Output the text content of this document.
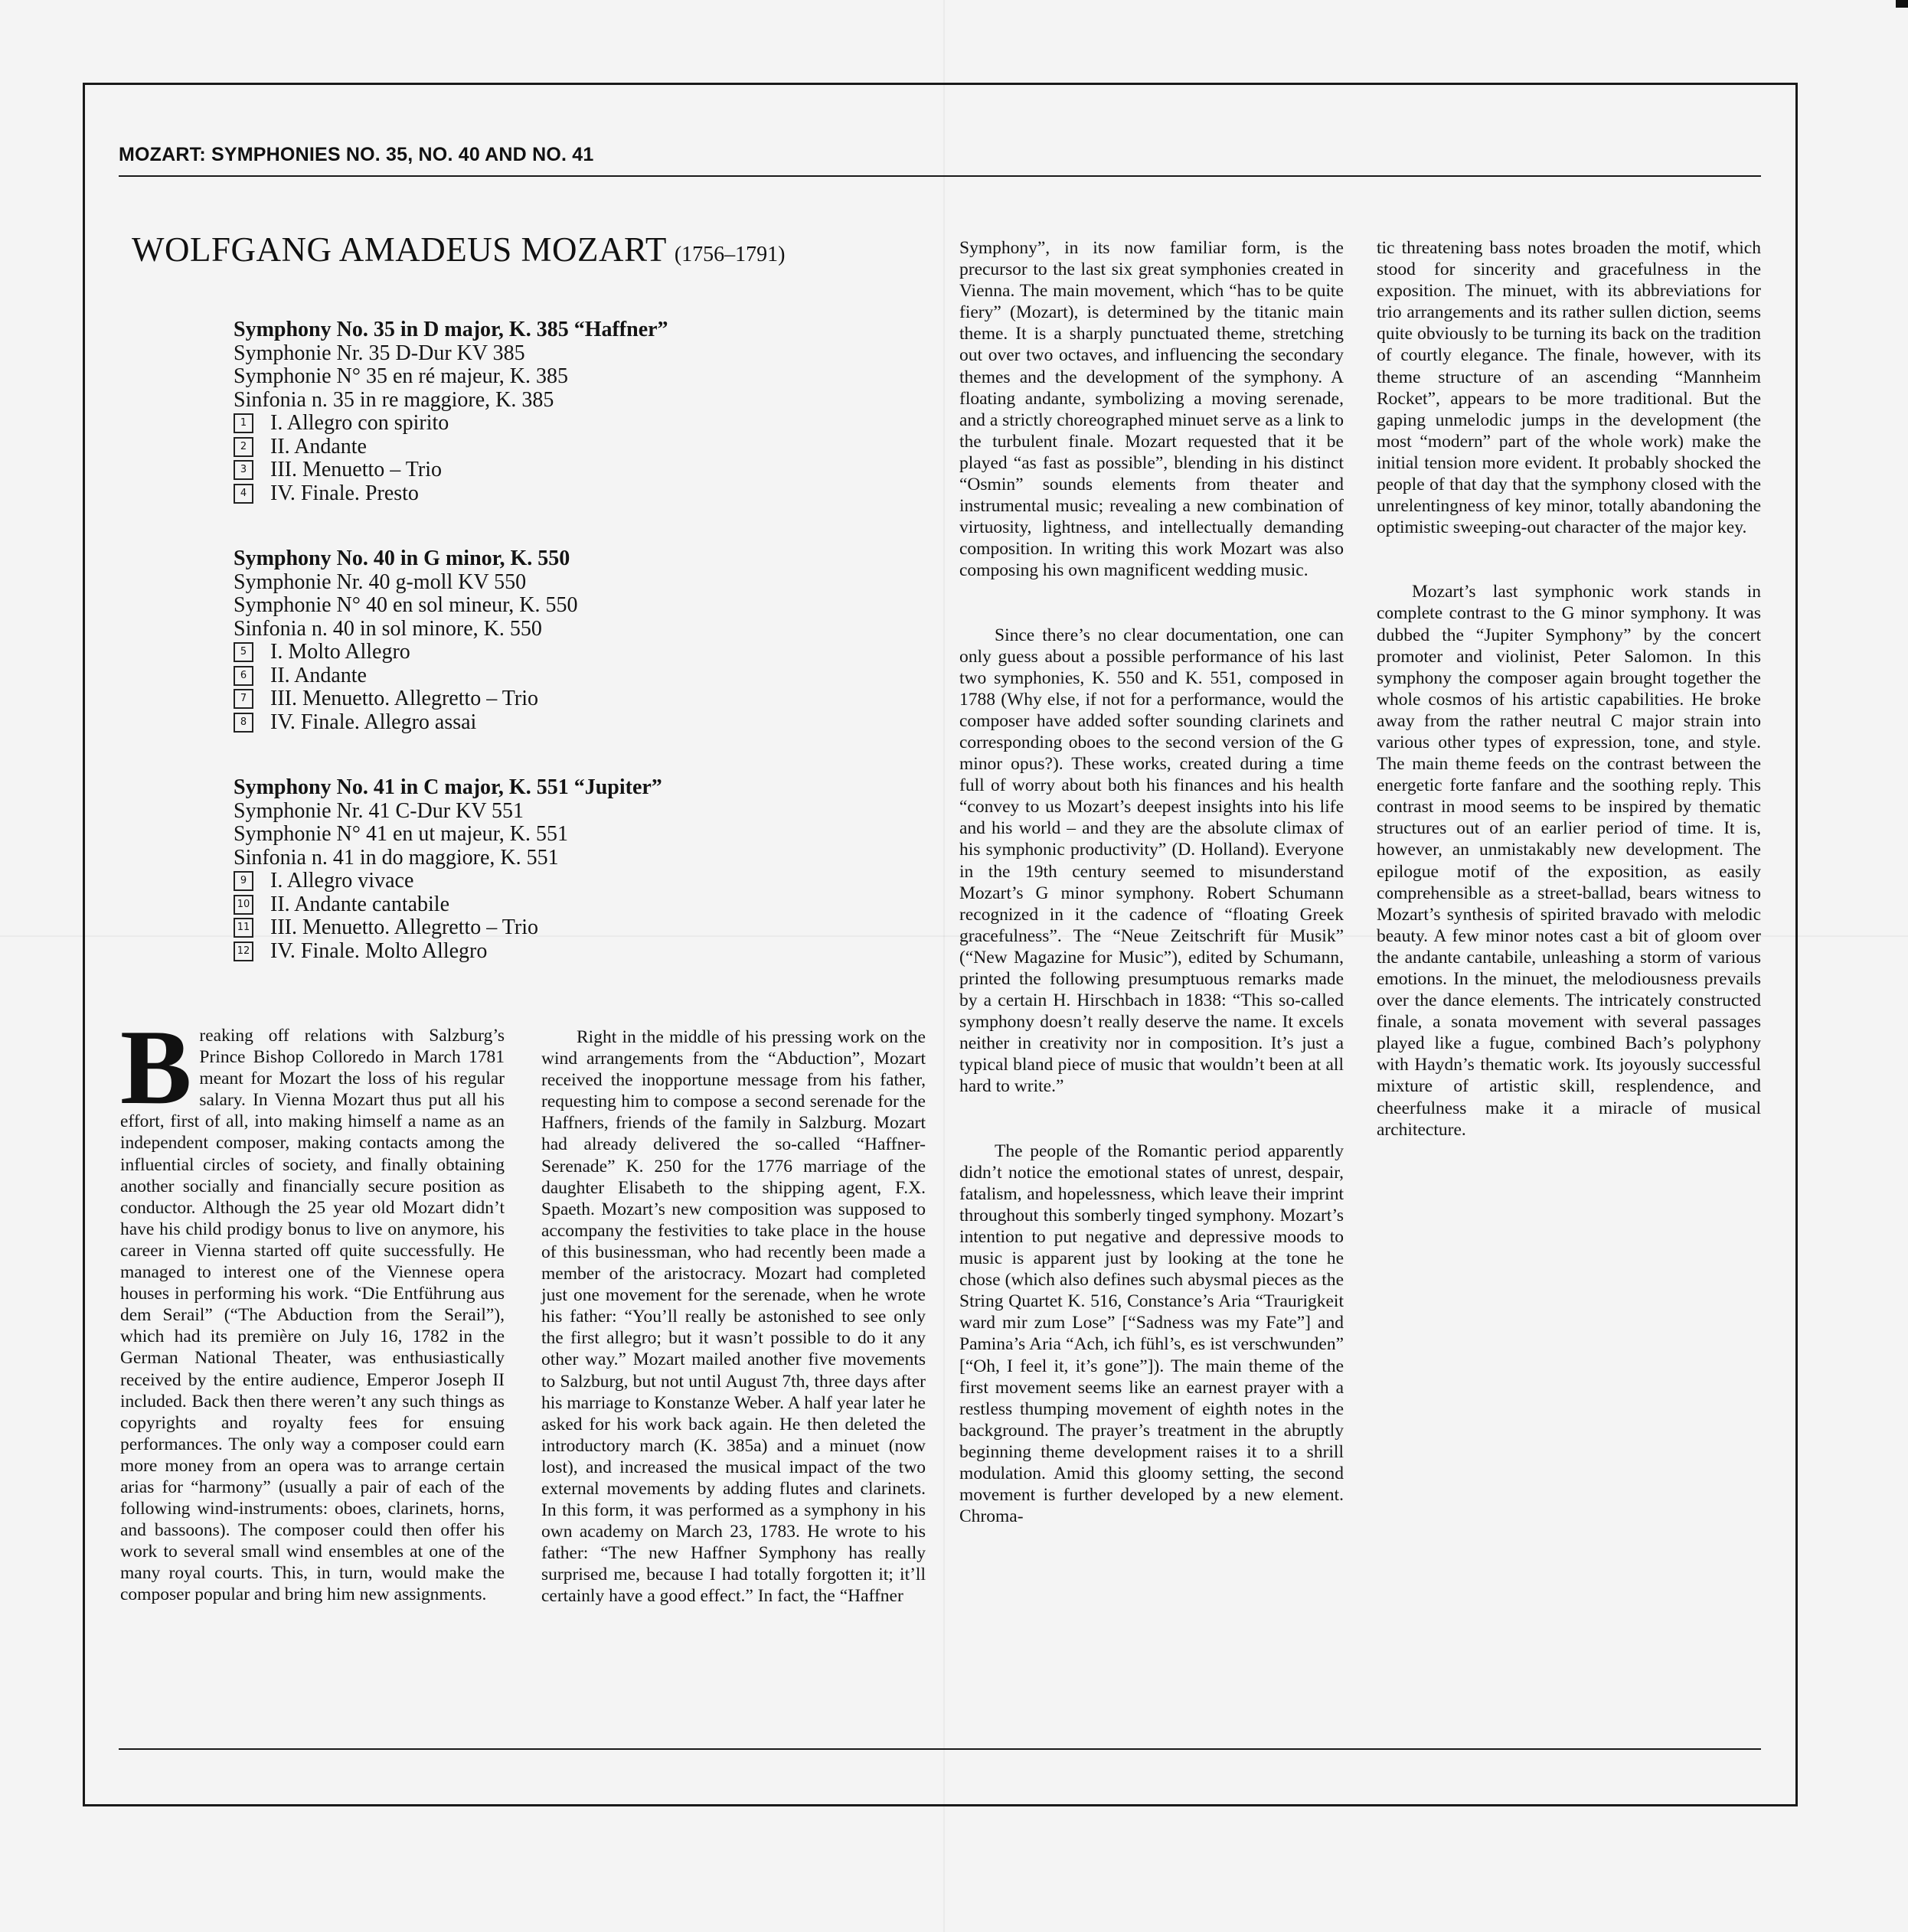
MOZART: SYMPHONIES NO. 35, NO. 40 AND NO. 41
WOLFGANG AMADEUS MOZART (1756–1791)
Symphony No. 35 in D major, K. 385 “Haffner”
Symphonie Nr. 35 D-Dur KV 385
Symphonie N° 35 en ré majeur, K. 385
Sinfonia n. 35 in re maggiore, K. 385
1	I. Allegro con spirito
2	II. Andante
3	III. Menuetto – Trio
4	IV. Finale. Presto
Symphony No. 40 in G minor, K. 550
Symphonie Nr. 40 g-moll KV 550
Symphonie N° 40 en sol mineur, K. 550
Sinfonia n. 40 in sol minore, K. 550
5	I. Molto Allegro
6	II. Andante
7	III. Menuetto. Allegretto – Trio
8	IV. Finale. Allegro assai
Symphony No. 41 in C major, K. 551 “Jupiter”
Symphonie Nr. 41 C-Dur KV 551
Symphonie N° 41 en ut majeur, K. 551
Sinfonia n. 41 in do maggiore, K. 551
9	I. Allegro vivace
10 II. Andante cantabile
11 III. Menuetto. Allegretto – Trio
12 IV. Finale. Molto Allegro

Breaking off relations with Salzburg’s Prince Bishop Colloredo in March 1781 meant for Mozart the loss of his regular salary. In Vienna Mozart thus put all his effort, first of all, into making himself a name as an independent composer, making contacts among the influential circles of society, and finally obtaining another socially and financially secure position as conductor. Although the 25 year old Mozart didn’t have his child prodigy bonus to live on anymore, his career in Vienna started off quite successfully. He managed to interest one of the Viennese opera houses in performing his work. “Die Entführung aus dem Serail” (“The Abduction from the Serail”), which had its première on July 16, 1782 in the German National Theater, was enthusiastically received by the entire audience, Emperor Joseph II included. Back then there weren’t any such things as copyrights and royalty fees for ensuing performances. The only way a composer could earn more money from an opera was to arrange certain arias for “harmony” (usually a pair of each of the following wind-instruments: oboes, clarinets, horns, and bassoons). The composer could then offer his work to several small wind ensembles at one of the many royal courts. This, in turn, would make the composer popular and bring him new assignments.

Right in the middle of his pressing work on the wind arrangements from the “Abduction”, Mozart received the inopportune message from his father, requesting him to compose a second serenade for the Haffners, friends of the family in Salzburg. Mozart had already delivered the so-called “Haffner-Serenade” K. 250 for the 1776 marriage of the daughter Elisabeth to the shipping agent, F.X. Spaeth. Mozart’s new composition was supposed to accompany the festivities to take place in the house of this businessman, who had recently been made a member of the aristocracy. Mozart had completed just one movement for the serenade, when he wrote his father: “You’ll really be astonished to see only the first allegro; but it wasn’t possible to do it any other way.” Mozart mailed another five movements to Salzburg, but not until August 7th, three days after his marriage to Konstanze Weber. A half year later he asked for his work back again. He then deleted the introductory march (K. 385a) and a minuet (now lost), and increased the musical impact of the two external movements by adding flutes and clarinets. In this form, it was performed as a symphony in his own academy on March 23, 1783. He wrote to his father: “The new Haffner Symphony has really surprised me, because I had totally forgotten it; it’ll certainly have a good effect.” In fact, the “Haffner

Symphony”, in its now familiar form, is the precursor to the last six great symphonies created in Vienna. The main movement, which “has to be quite fiery” (Mozart), is determined by the titanic main theme. It is a sharply punctuated theme, stretching out over two octaves, and influencing the secondary themes and the development of the symphony. A floating andante, symbolizing a moving serenade, and a strictly choreographed minuet serve as a link to the turbulent finale. Mozart requested that it be played “as fast as possible”, blending in his distinct “Osmin” sounds elements from theater and instrumental music; revealing a new combination of virtuosity, lightness, and intellectually demanding composition. In writing this work Mozart was also composing his own magnificent wedding music.

Since there’s no clear documentation, one can only guess about a possible performance of his last two symphonies, K. 550 and K. 551, composed in 1788 (Why else, if not for a performance, would the composer have added softer sounding clarinets and corresponding oboes to the second version of the G minor opus?). These works, created during a time full of worry about both his finances and his health “convey to us Mozart’s deepest insights into his life and his world – and they are the absolute climax of his symphonic productivity” (D. Holland). Everyone in the 19th century seemed to misunderstand Mozart’s G minor symphony. Robert Schumann recognized in it the cadence of “floating Greek gracefulness”. The “Neue Zeitschrift für Musik” (“New Magazine for Music”), edited by Schumann, printed the following presumptuous remarks made by a certain H. Hirschbach in 1838: “This so-called symphony doesn’t really deserve the name. It excels neither in creativity nor in composition. It’s just a typical bland piece of music that wouldn’t been at all hard to write.”

The people of the Romantic period apparently didn’t notice the emotional states of unrest, despair, fatalism, and hopelessness, which leave their imprint throughout this somberly tinged symphony. Mozart’s intention to put negative and depressive moods to music is apparent just by looking at the tone he chose (which also defines such abysmal pieces as the String Quartet K. 516, Constance’s Aria “Traurigkeit ward mir zum Lose” [“Sadness was my Fate”] and Pamina’s Aria “Ach, ich fühl’s, es ist verschwunden” [“Oh, I feel it, it’s gone”]). The main theme of the first movement seems like an earnest prayer with a restless thumping movement of eighth notes in the background. The prayer’s treatment in the abruptly beginning theme development raises it to a shrill modulation. Amid this gloomy setting, the second movement is further developed by a new element. Chroma-

tic threatening bass notes broaden the motif, which stood for sincerity and gracefulness in the exposition. The minuet, with its abbreviations for trio arrangements and its rather sullen diction, seems quite obviously to be turning its back on the tradition of courtly elegance. The finale, however, with its theme structure of an ascending “Mannheim Rocket”, appears to be more traditional. But the gaping unmelodic jumps in the development (the most “modern” part of the whole work) make the initial tension more evident. It probably shocked the people of that day that the symphony closed with the unrelentingness of key minor, totally abandoning the optimistic sweeping-out character of the major key.

Mozart’s last symphonic work stands in complete contrast to the G minor symphony. It was dubbed the “Jupiter Symphony” by the concert promoter and violinist, Peter Salomon. In this symphony the composer again brought together the whole cosmos of his artistic capabilities. He broke away from the rather neutral C major strain into various other types of expression, tone, and style. The main theme feeds on the contrast between the energetic forte fanfare and the soothing reply. This contrast in mood seems to be inspired by thematic structures out of an earlier period of time. It is, however, an unmistakably new development. The epilogue motif of the exposition, as easily comprehensible as a street-ballad, bears witness to Mozart’s synthesis of spirited bravado with melodic beauty. A few minor notes cast a bit of gloom over the andante cantabile, unleashing a storm of various emotions. In the minuet, the melodiousness prevails over the dance elements. The intricately constructed finale, a sonata movement with several passages played like a fugue, combined Bach’s polyphony with Haydn’s thematic work. Its joyously successful mixture of artistic skill, resplendence, and cheerfulness make it a miracle of musical architecture.
